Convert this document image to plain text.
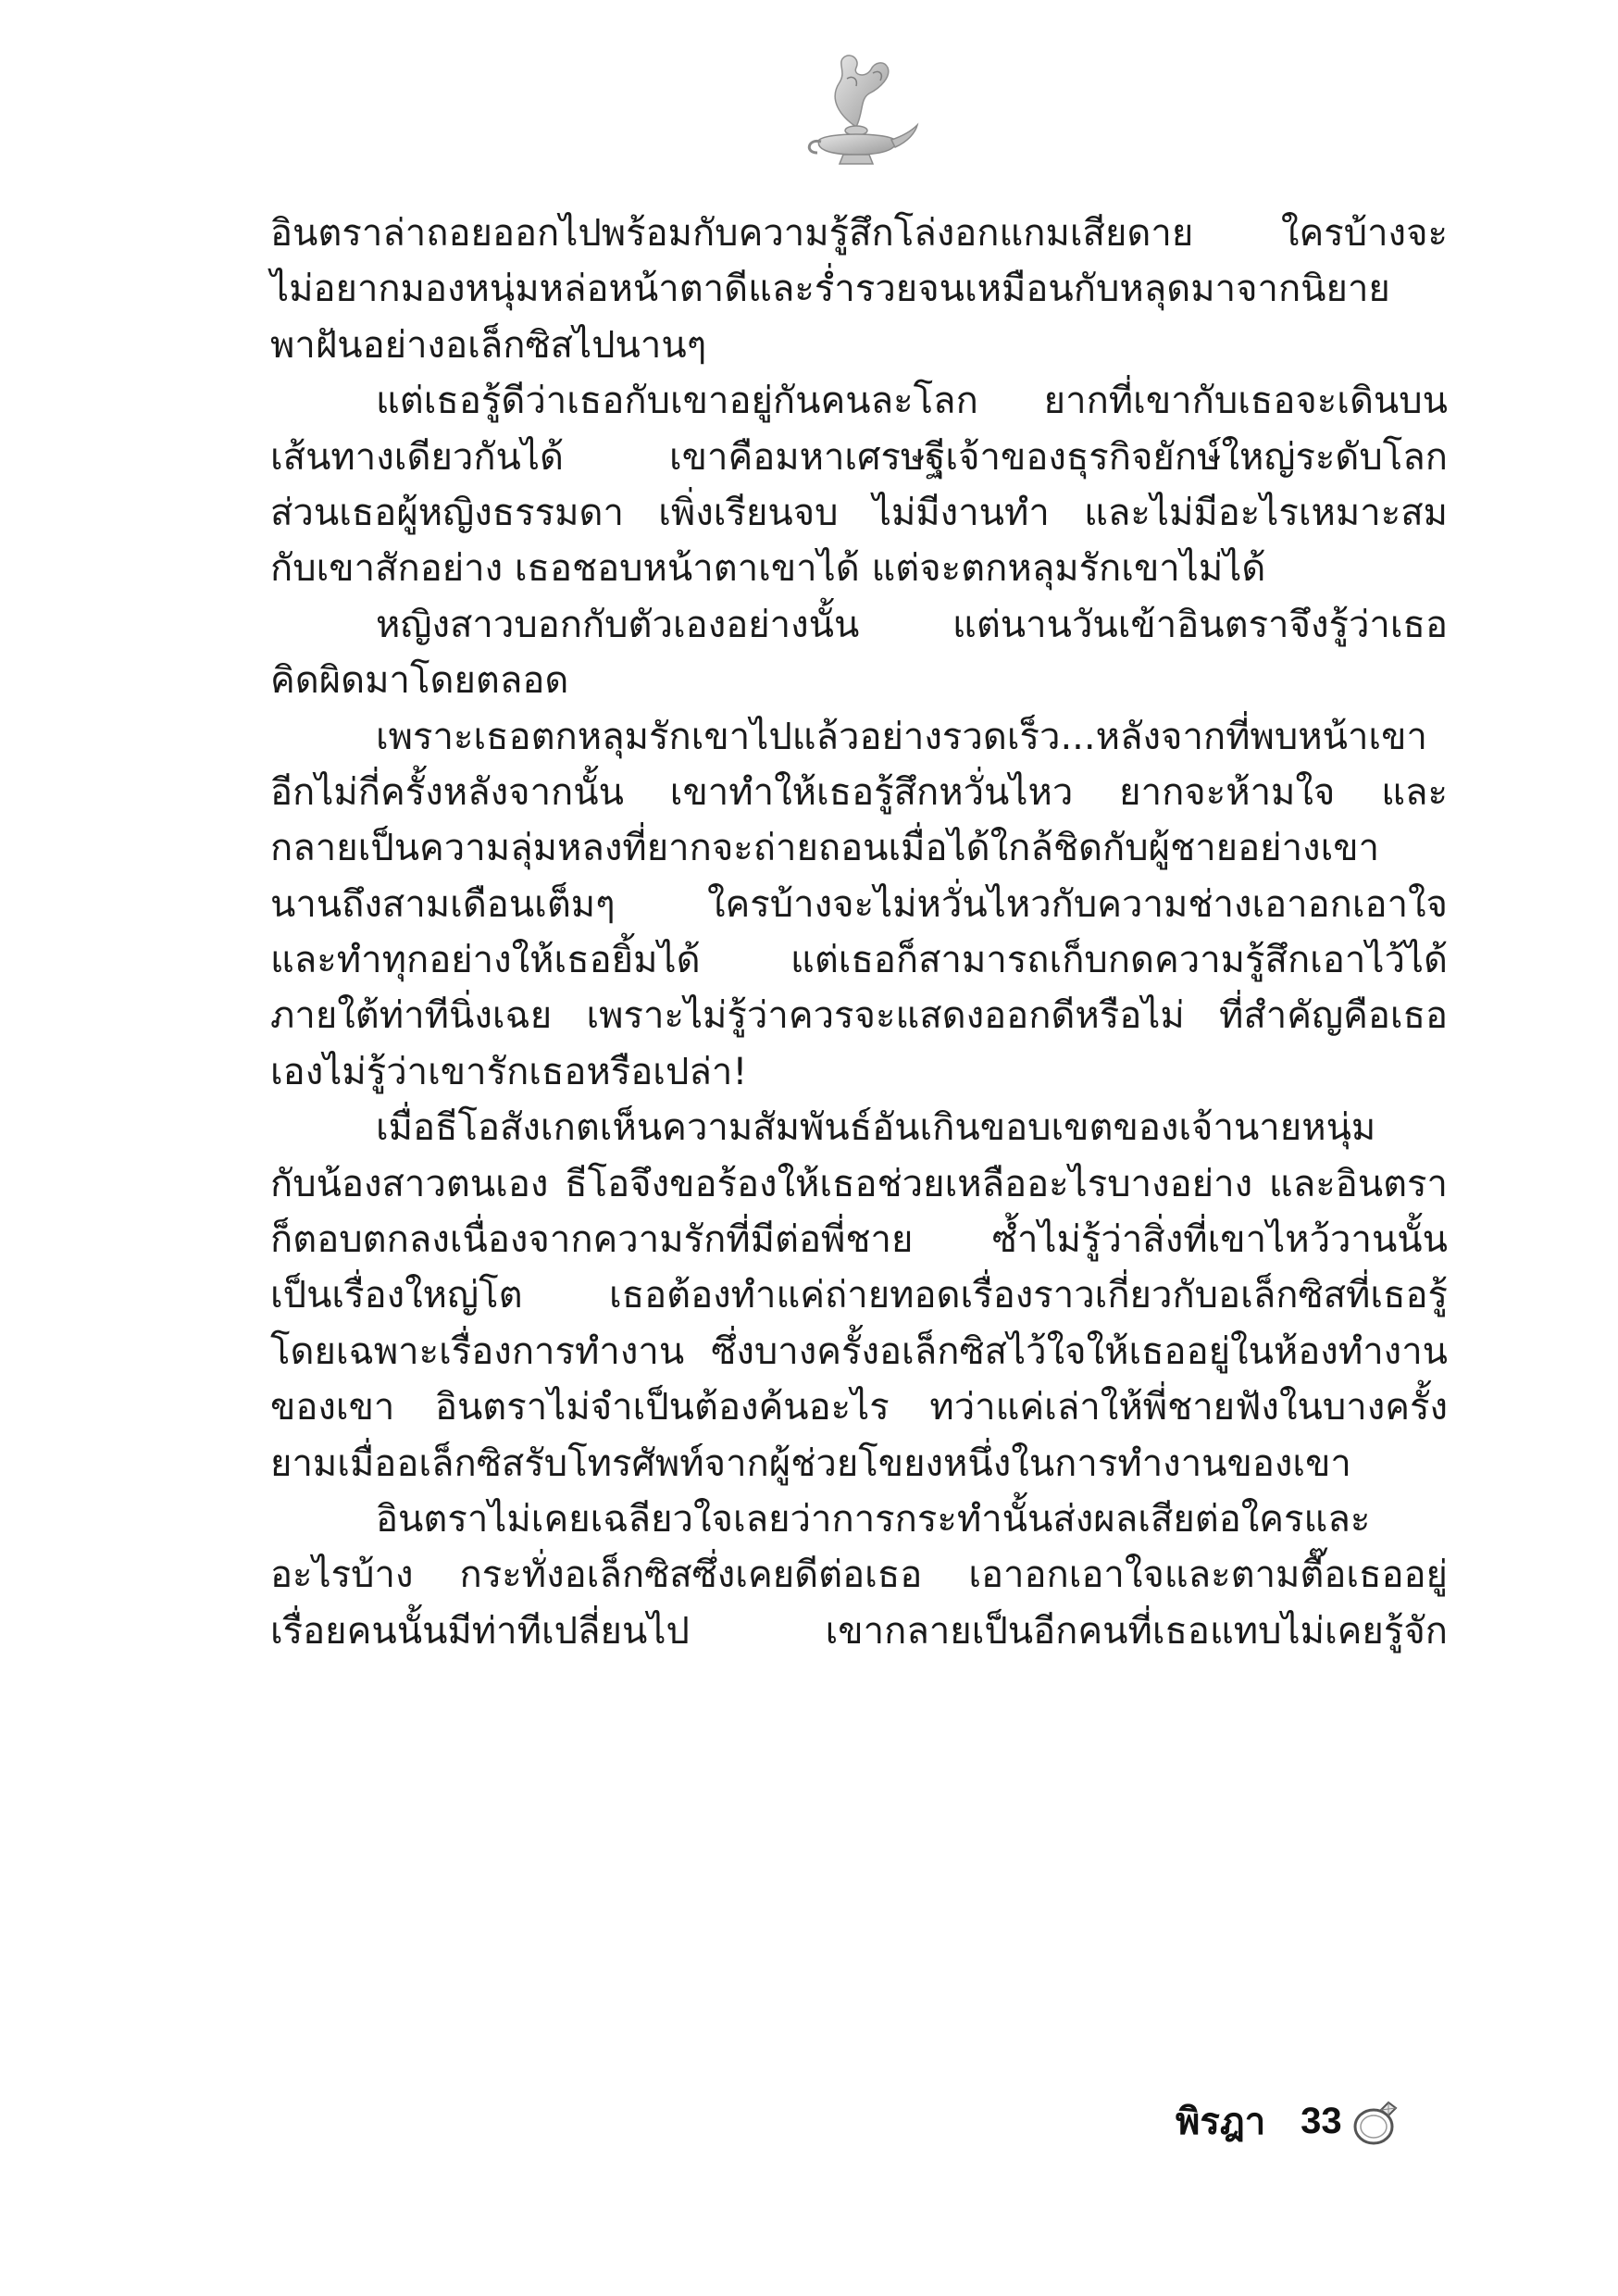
อินตราล่าถอยออกไปพร้อมกับความรู้สึกโล่งอกแกมเสียดาย ใครบ้างจะ
ไม่อยากมองหนุ่มหล่อหน้าตาดีและร่ำรวยจนเหมือนกับหลุดมาจากนิยาย
พาฝันอย่างอเล็กซิสไปนานๆ
แต่เธอรู้ดีว่าเธอกับเขาอยู่กันคนละโลก ยากที่เขากับเธอจะเดินบน
เส้นทางเดียวกันได้ เขาคือมหาเศรษฐีเจ้าของธุรกิจยักษ์ใหญ่ระดับโลก
ส่วนเธอผู้หญิงธรรมดา เพิ่งเรียนจบ ไม่มีงานทำ และไม่มีอะไรเหมาะสม
กับเขาสักอย่าง เธอชอบหน้าตาเขาได้ แต่จะตกหลุมรักเขาไม่ได้
หญิงสาวบอกกับตัวเองอย่างนั้น แต่นานวันเข้าอินตราจึงรู้ว่าเธอ
คิดผิดมาโดยตลอด
เพราะเธอตกหลุมรักเขาไปแล้วอย่างรวดเร็ว...หลังจากที่พบหน้าเขา
อีกไม่กี่ครั้งหลังจากนั้น เขาทำให้เธอรู้สึกหวั่นไหว ยากจะห้ามใจ และ
กลายเป็นความลุ่มหลงที่ยากจะถ่ายถอนเมื่อได้ใกล้ชิดกับผู้ชายอย่างเขา
นานถึงสามเดือนเต็มๆ ใครบ้างจะไม่หวั่นไหวกับความช่างเอาอกเอาใจ
และทำทุกอย่างให้เธอยิ้มได้ แต่เธอก็สามารถเก็บกดความรู้สึกเอาไว้ได้
ภายใต้ท่าทีนิ่งเฉย เพราะไม่รู้ว่าควรจะแสดงออกดีหรือไม่ ที่สำคัญคือเธอ
เองไม่รู้ว่าเขารักเธอหรือเปล่า!
เมื่อธีโอสังเกตเห็นความสัมพันธ์อันเกินขอบเขตของเจ้านายหนุ่ม
กับน้องสาวตนเอง ธีโอจึงขอร้องให้เธอช่วยเหลืออะไรบางอย่าง และอินตรา
ก็ตอบตกลงเนื่องจากความรักที่มีต่อพี่ชาย ซ้ำไม่รู้ว่าสิ่งที่เขาไหว้วานนั้น
เป็นเรื่องใหญ่โต เธอต้องทำแค่ถ่ายทอดเรื่องราวเกี่ยวกับอเล็กซิสที่เธอรู้
โดยเฉพาะเรื่องการทำงาน ซึ่งบางครั้งอเล็กซิสไว้ใจให้เธออยู่ในห้องทำงาน
ของเขา อินตราไม่จำเป็นต้องค้นอะไร ทว่าแค่เล่าให้พี่ชายฟังในบางครั้ง
ยามเมื่ออเล็กซิสรับโทรศัพท์จากผู้ช่วยโขยงหนึ่งในการทำงานของเขา
อินตราไม่เคยเฉลียวใจเลยว่าการกระทำนั้นส่งผลเสียต่อใครและ
อะไรบ้าง กระทั่งอเล็กซิสซึ่งเคยดีต่อเธอ เอาอกเอาใจและตามตื๊อเธออยู่
เรื่อยคนนั้นมีท่าทีเปลี่ยนไป เขากลายเป็นอีกคนที่เธอแทบไม่เคยรู้จัก
พิรฎา 33
